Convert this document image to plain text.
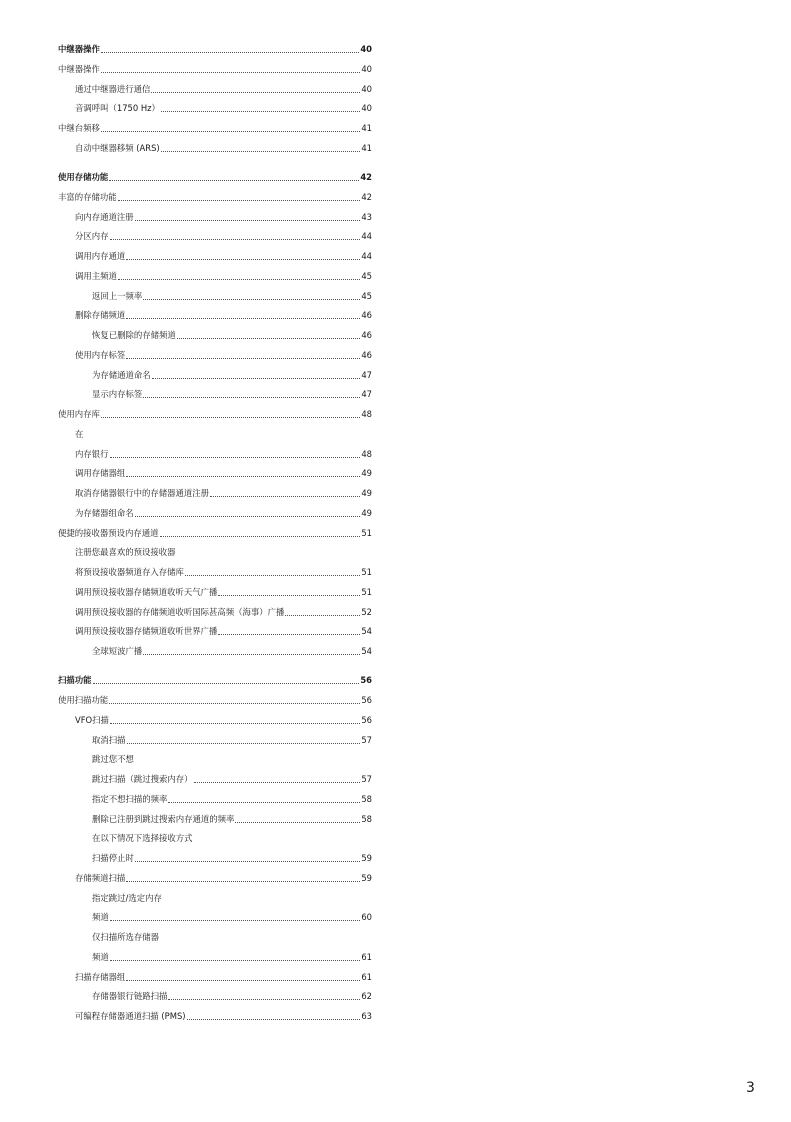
中继器操作	40
中继器操作	40
通过中继器进行通信	40
音调呼叫（1750 Hz）	40
中继台频移	41
自动中继器移频 (ARS)	41
使用存储功能	42
丰富的存储功能	42
向内存通道注册	43
分区内存	44
调用内存通道	44
调用主频道	45
返回上一频率	45
删除存储频道	46
恢复已删除的存储频道	46
使用内存标签	46
为存储通道命名	47
显示内存标签	47
使用内存库	48
在
内存银行	48
调用存储器组	49
取消存储器银行中的存储器通道注册	49
为存储器组命名	49
便捷的接收器预设内存通道	51
注册您最喜欢的预设接收器
将预设接收器频道存入存储库	51
调用预设接收器存储频道收听天气广播	51
调用预设接收器的存储频道收听国际甚高频（海事）广播	52
调用预设接收器存储频道收听世界广播	54
全球短波广播	54
扫描功能	56
使用扫描功能	56
VFO扫描	56
取消扫描	57
跳过您不想
跳过扫描（跳过搜索内存）	57
指定不想扫描的频率	58
删除已注册到跳过搜索内存通道的频率	58
在以下情况下选择接收方式
扫描停止时	59
存储频道扫描	59
指定跳过/选定内存
频道	60
仅扫描所选存储器
频道	61
扫描存储器组	61
存储器银行链路扫描	62
可编程存储器通道扫描 (PMS)	63
3
